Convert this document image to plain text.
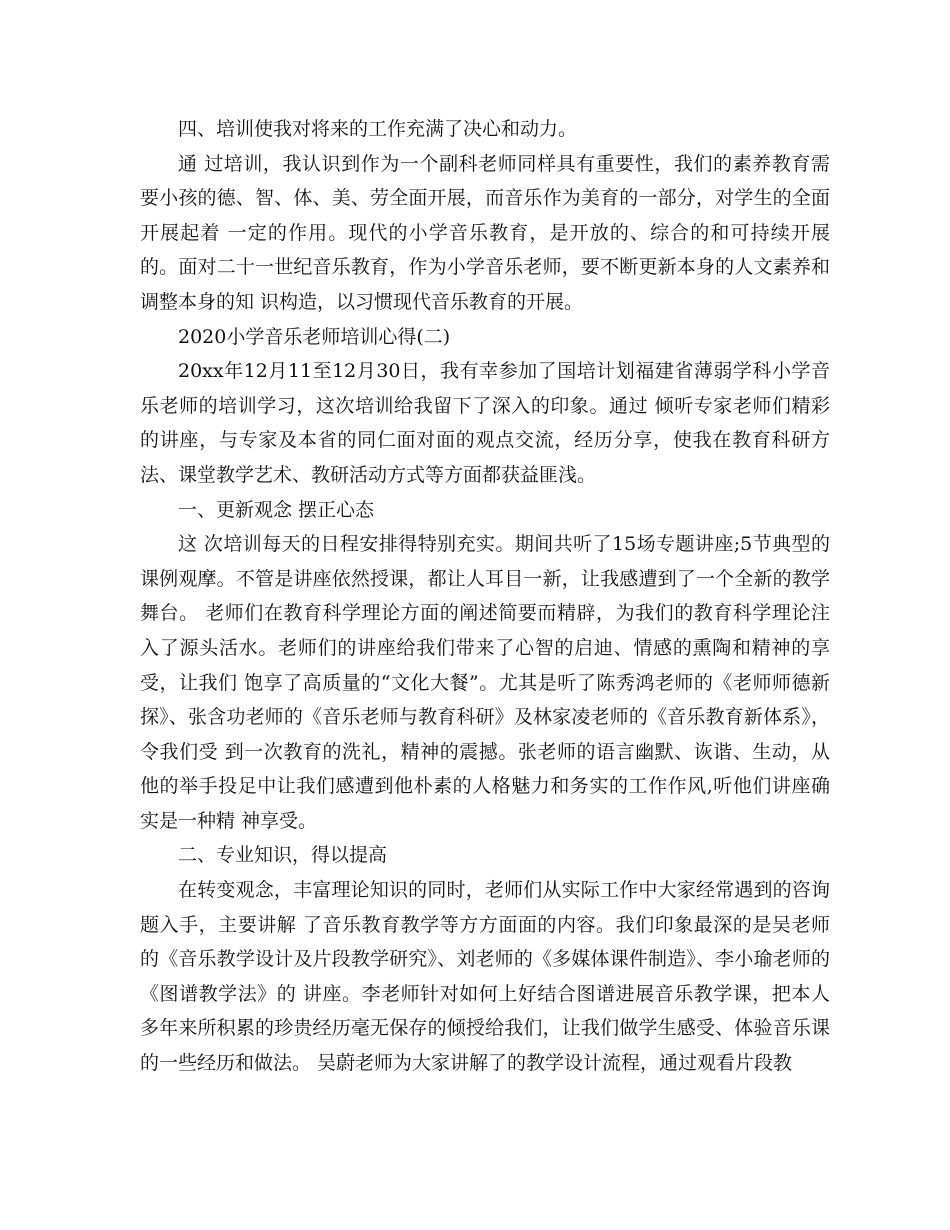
四、培训使我对将来的工作充满了决心和动力。

通 过培训，我认识到作为一个副科老师同样具有重要性，我们的素养教育需要小孩的德、智、体、美、劳全面开展，而音乐作为美育的一部分，对学生的全面开展起着 一定的作用。现代的小学音乐教育，是开放的、综合的和可持续开展的。面对二十一世纪音乐教育，作为小学音乐老师，要不断更新本身的人文素养和调整本身的知 识构造，以习惯现代音乐教育的开展。

2020小学音乐老师培训心得(二)

20xx年12月11至12月30日，我有幸参加了国培计划福建省薄弱学科小学音乐老师的培训学习，这次培训给我留下了深入的印象。通过 倾听专家老师们精彩的讲座，与专家及本省的同仁面对面的观点交流，经历分享，使我在教育科研方法、课堂教学艺术、教研活动方式等方面都获益匪浅。

一、更新观念 摆正心态

这 次培训每天的日程安排得特别充实。期间共听了15场专题讲座;5节典型的课例观摩。不管是讲座依然授课，都让人耳目一新，让我感遭到了一个全新的教学舞台。 老师们在教育科学理论方面的阐述简要而精辟，为我们的教育科学理论注入了源头活水。老师们的讲座给我们带来了心智的启迪、情感的熏陶和精神的享受，让我们 饱享了高质量的“文化大餐”。尤其是听了陈秀鸿老师的《老师师德新探》、张含功老师的《音乐老师与教育科研》及林家凌老师的《音乐教育新体系》，令我们受 到一次教育的洗礼，精神的震撼。张老师的语言幽默、诙谐、生动，从他的举手投足中让我们感遭到他朴素的人格魅力和务实的工作作风,听他们讲座确实是一种精 神享受。

二、专业知识，得以提高

在转变观念，丰富理论知识的同时，老师们从实际工作中大家经常遇到的咨询题入手，主要讲解 了音乐教育教学等方方面面的内容。我们印象最深的是吴老师的《音乐教学设计及片段教学研究》、刘老师的《多媒体课件制造》、李小瑜老师的《图谱教学法》的 讲座。李老师针对如何上好结合图谱进展音乐教学课，把本人多年来所积累的珍贵经历毫无保存的倾授给我们，让我们做学生感受、体验音乐课的一些经历和做法。 吴蔚老师为大家讲解了的教学设计流程，通过观看片段教
